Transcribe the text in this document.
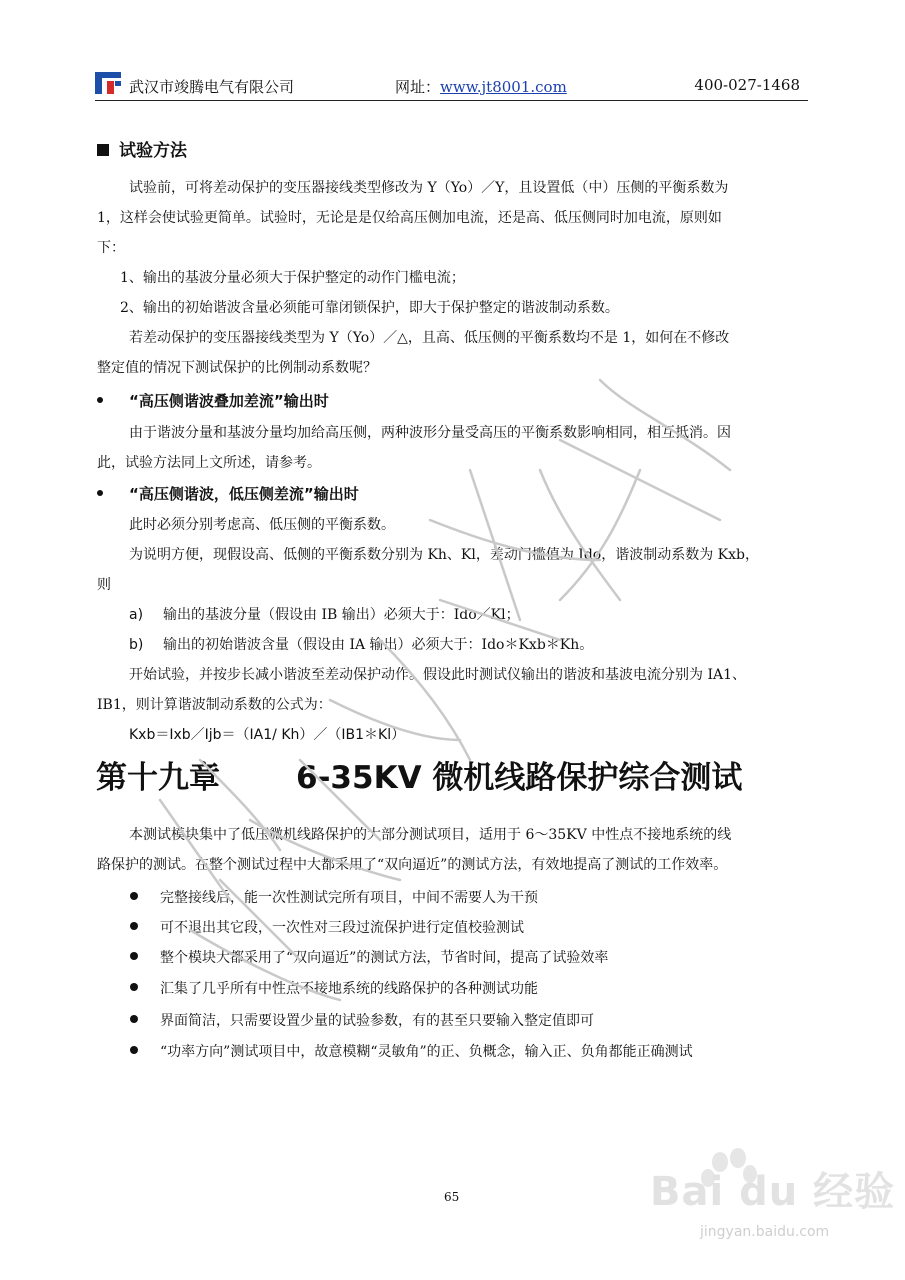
武汉市竣腾电气有限公司	网址：www.jt8001.com	400-027-1468
试验方法
试验前，可将差动保护的变压器接线类型修改为 Y（Yo）／Y，且设置低（中）压侧的平衡系数为
1，这样会使试验更简单。试验时，无论是是仅给高压侧加电流，还是高、低压侧同时加电流，原则如
下：
1、输出的基波分量必须大于保护整定的动作门槛电流；
2、输出的初始谐波含量必须能可靠闭锁保护，即大于保护整定的谐波制动系数。
若差动保护的变压器接线类型为 Y（Yo）／△，且高、低压侧的平衡系数均不是 1，如何在不修改
整定值的情况下测试保护的比例制动系数呢？
“高压侧谐波叠加差流”输出时
由于谐波分量和基波分量均加给高压侧，两种波形分量受高压的平衡系数影响相同，相互抵消。因
此，试验方法同上文所述，请参考。
“高压侧谐波，低压侧差流”输出时
此时必须分别考虑高、低压侧的平衡系数。
为说明方便，现假设高、低侧的平衡系数分别为 Kh、Kl，差动门槛值为 Ido，谐波制动系数为 Kxb，
则
a) 输出的基波分量（假设由 IB 输出）必须大于：Ido／Kl；
b) 输出的初始谐波含量（假设由 IA 输出）必须大于：Ido＊Kxb＊Kh。
开始试验，并按步长减小谐波至差动保护动作。假设此时测试仪输出的谐波和基波电流分别为 IA1、
IB1，则计算谐波制动系数的公式为：
Kxb＝Ixb／Ijb＝（IA1/ Kh）／（IB1＊Kl）
第十九章 6-35KV 微机线路保护综合测试
本测试模块集中了低压微机线路保护的大部分测试项目，适用于 6～35KV 中性点不接地系统的线
路保护的测试。在整个测试过程中大都采用了“双向逼近”的测试方法，有效地提高了测试的工作效率。
完整接线后，能一次性测试完所有项目，中间不需要人为干预
可不退出其它段，一次性对三段过流保护进行定值校验测试
整个模块大都采用了“双向逼近”的测试方法，节省时间，提高了试验效率
汇集了几乎所有中性点不接地系统的线路保护的各种测试功能
界面简洁，只需要设置少量的试验参数，有的甚至只要输入整定值即可
“功率方向”测试项目中，故意模糊“灵敏角”的正、负概念，输入正、负角都能正确测试
65	Bai du 经验
jingyan.baidu.com
